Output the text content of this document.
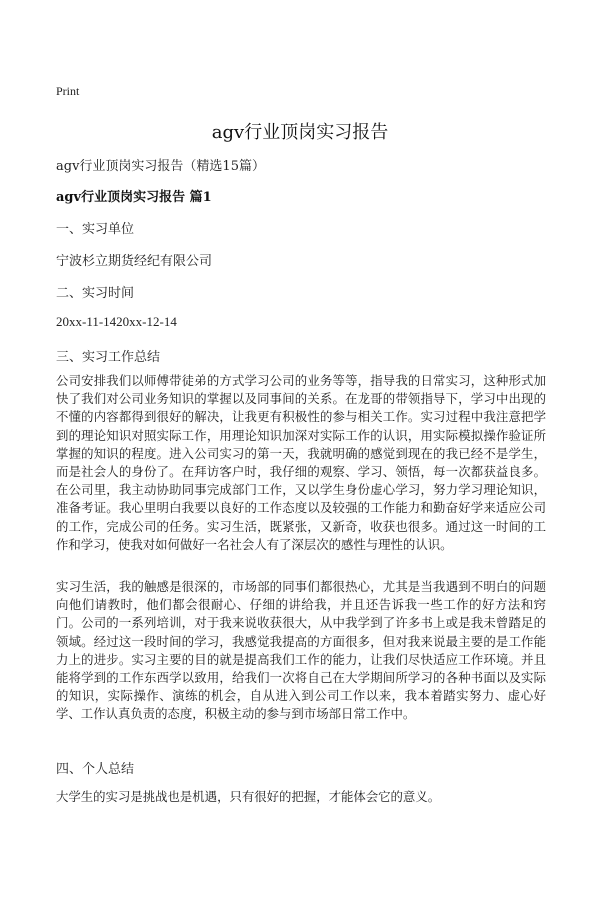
Print
agv行业顶岗实习报告
agv行业顶岗实习报告（精选15篇）
agv行业顶岗实习报告 篇1
一、实习单位
宁波杉立期货经纪有限公司
二、实习时间
20xx-11-1420xx-12-14
三、实习工作总结

公司安排我们以师傅带徒弟的方式学习公司的业务等等，指导我的日常实习，这种形式加快了我们对公司业务知识的掌握以及同事间的关系。在龙哥的带领指导下，学习中出现的不懂的内容都得到很好的解决，让我更有积极性的参与相关工作。实习过程中我注意把学到的理论知识对照实际工作，用理论知识加深对实际工作的认识，用实际模拟操作验证所掌握的知识的程度。进入公司实习的第一天，我就明确的感觉到现在的我已经不是学生，而是社会人的身份了。在拜访客户时，我仔细的观察、学习、领悟，每一次都获益良多。在公司里，我主动协助同事完成部门工作，又以学生身份虚心学习，努力学习理论知识，准备考证。我心里明白我要以良好的工作态度以及较强的工作能力和勤奋好学来适应公司的工作，完成公司的任务。实习生活，既紧张，又新奇，收获也很多。通过这一时间的工作和学习，使我对如何做好一名社会人有了深层次的感性与理性的认识。

实习生活，我的触感是很深的，市场部的同事们都很热心，尤其是当我遇到不明白的问题向他们请教时，他们都会很耐心、仔细的讲给我，并且还告诉我一些工作的好方法和窍门。公司的一系列培训，对于我来说收获很大，从中我学到了许多书上或是我未曾踏足的领域。经过这一段时间的学习，我感觉我提高的方面很多，但对我来说最主要的是工作能力上的进步。实习主要的目的就是提高我们工作的能力，让我们尽快适应工作环境。并且能将学到的工作东西学以致用，给我们一次将自己在大学期间所学习的各种书面以及实际的知识，实际操作、演练的机会，自从进入到公司工作以来，我本着踏实努力、虚心好学、工作认真负责的态度，积极主动的参与到市场部日常工作中。

四、个人总结

大学生的实习是挑战也是机遇，只有很好的把握，才能体会它的意义。
